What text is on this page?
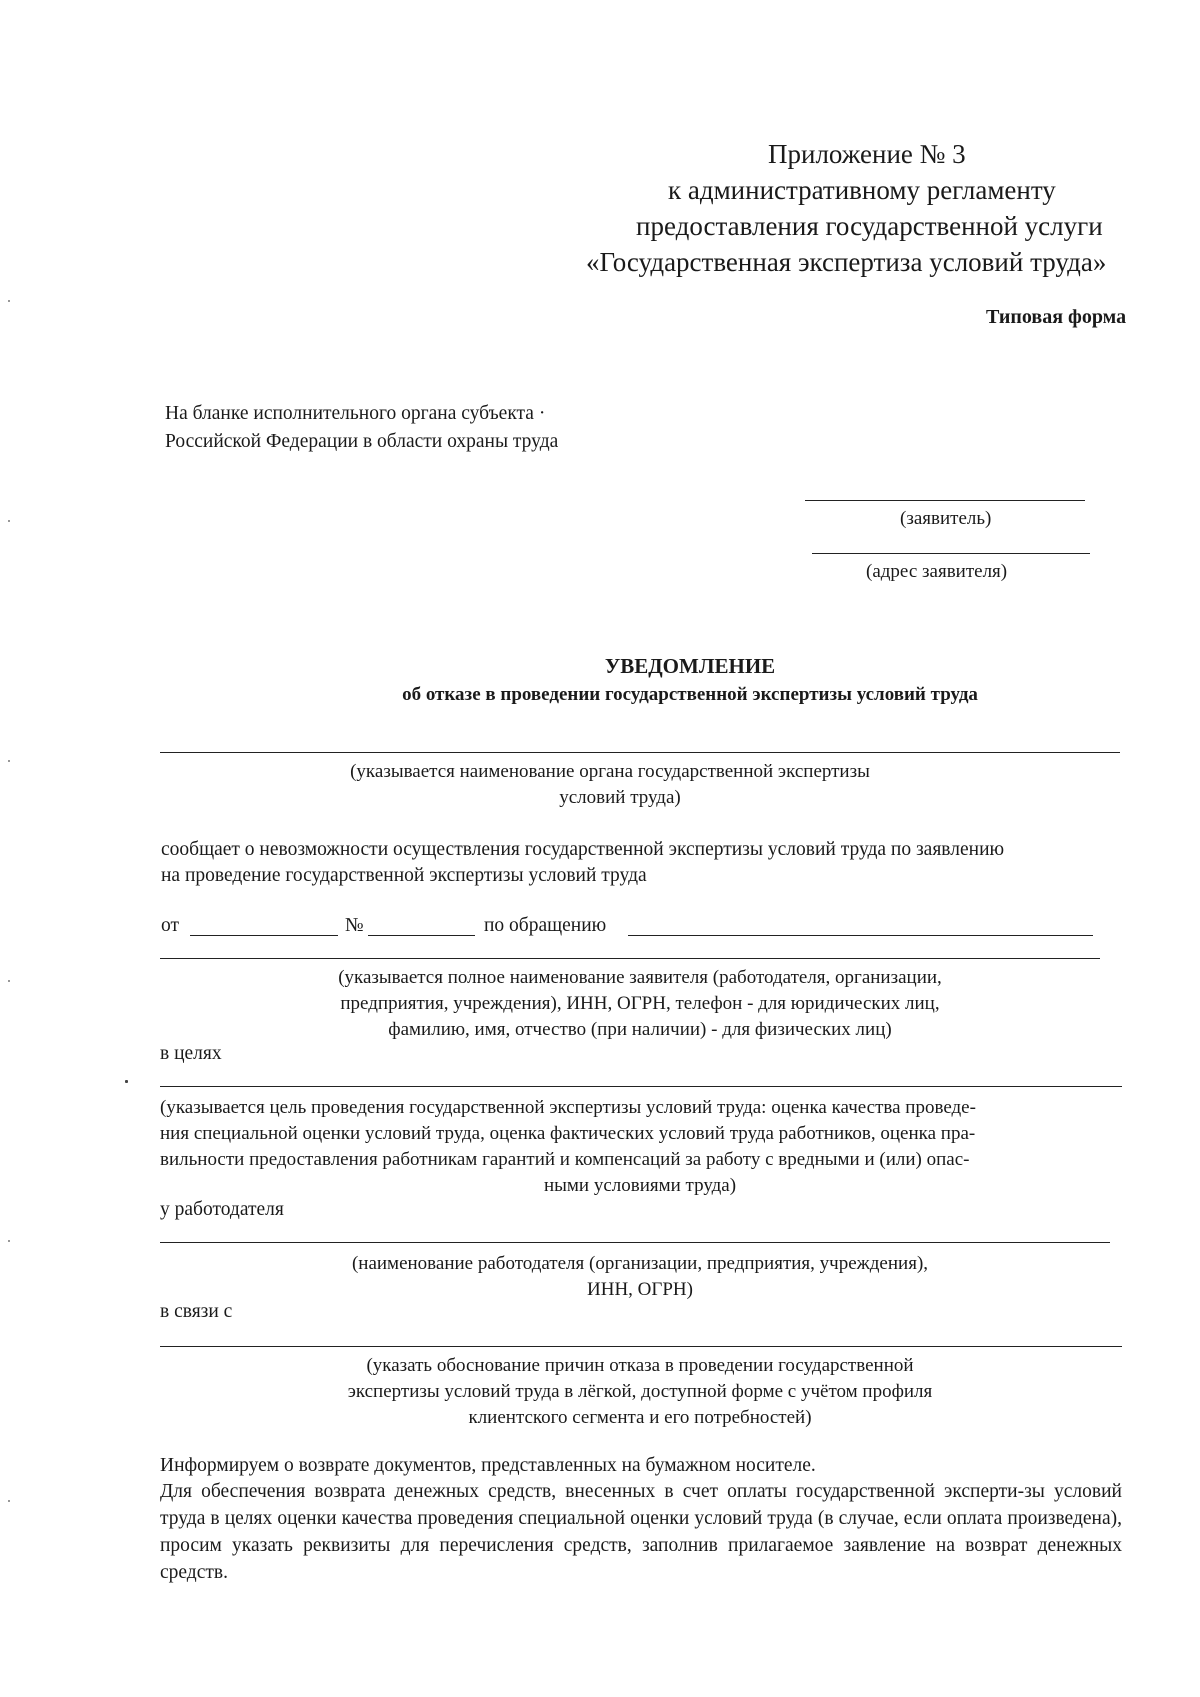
Приложение № 3
к административному регламенту
предоставления государственной услуги
«Государственная экспертиза условий труда»
Типовая форма
На бланке исполнительного органа субъекта ·
Российской Федерации в области охраны труда
(заявитель)
(адрес заявителя)
УВЕДОМЛЕНИЕ
об отказе в проведении государственной экспертизы условий труда
(указывается наименование органа государственной экспертизы
условий труда)
сообщает о невозможности осуществления государственной экспертизы условий труда по заявлению
на проведение государственной экспертизы условий труда
от	№	по обращению
(указывается полное наименование заявителя (работодателя, организации,
предприятия, учреждения), ИНН, ОГРН, телефон - для юридических лиц,
фамилию, имя, отчество (при наличии) - для физических лиц)
в целях
(указывается цель проведения государственной экспертизы условий труда: оценка качества проведе-
ния специальной оценки условий труда, оценка фактических условий труда работников, оценка пра-
вильности предоставления работникам гарантий и компенсаций за работу с вредными и (или) опас-
ными условиями труда)
у работодателя
(наименование работодателя (организации, предприятия, учреждения),
ИНН, ОГРН)
в связи с
(указать обоснование причин отказа в проведении государственной
экспертизы условий труда в лёгкой, доступной форме с учётом профиля
клиентского сегмента и его потребностей)
Информируем о возврате документов, представленных на бумажном носителе.
Для обеспечения возврата денежных средств, внесенных в счет оплаты государственной эксперти-зы условий труда в целях оценки качества проведения специальной оценки условий труда (в случае, если оплата произведена), просим указать реквизиты для перечисления средств, заполнив прилагаемое заявление на возврат денежных средств.
